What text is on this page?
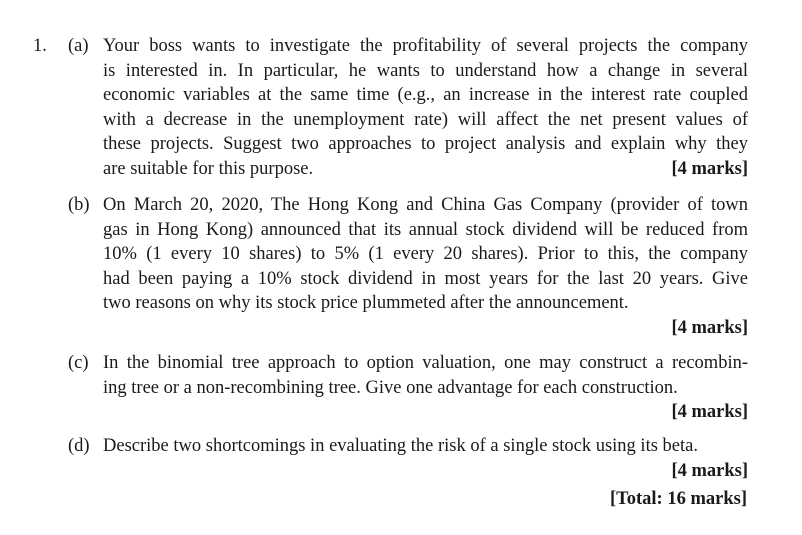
1. (a) Your boss wants to investigate the profitability of several projects the company
is interested in. In particular, he wants to understand how a change in several
economic variables at the same time (e.g., an increase in the interest rate coupled
with a decrease in the unemployment rate) will affect the net present values of
these projects. Suggest two approaches to project analysis and explain why they
are suitable for this purpose.	[4 marks]
(b) On March 20, 2020, The Hong Kong and China Gas Company (provider of town
gas in Hong Kong) announced that its annual stock dividend will be reduced from
10% (1 every 10 shares) to 5% (1 every 20 shares). Prior to this, the company
had been paying a 10% stock dividend in most years for the last 20 years. Give
two reasons on why its stock price plummeted after the announcement.
[4 marks]
(c) In the binomial tree approach to option valuation, one may construct a recombin-
ing tree or a non-recombining tree. Give one advantage for each construction.
[4 marks]
(d) Describe two shortcomings in evaluating the risk of a single stock using its beta.
[4 marks]
[Total: 16 marks]
